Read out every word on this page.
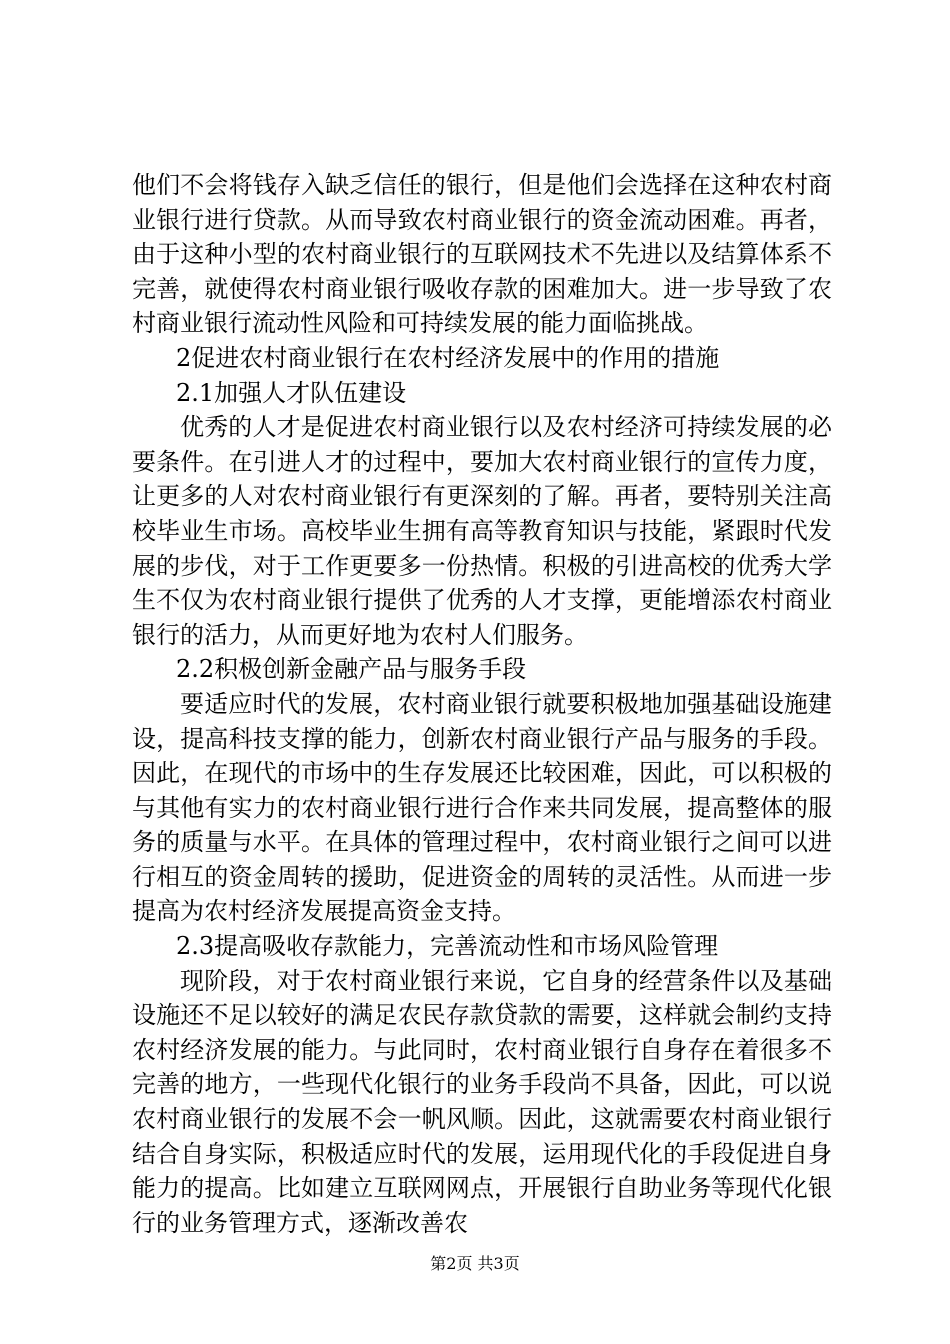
他们不会将钱存入缺乏信任的银行，但是他们会选择在这种农村商业银行进行贷款。从而导致农村商业银行的资金流动困难。再者，由于这种小型的农村商业银行的互联网技术不先进以及结算体系不完善，就使得农村商业银行吸收存款的困难加大。进一步导致了农村商业银行流动性风险和可持续发展的能力面临挑战。

2促进农村商业银行在农村经济发展中的作用的措施

2.1加强人才队伍建设

优秀的人才是促进农村商业银行以及农村经济可持续发展的必要条件。在引进人才的过程中，要加大农村商业银行的宣传力度，让更多的人对农村商业银行有更深刻的了解。再者，要特别关注高校毕业生市场。高校毕业生拥有高等教育知识与技能，紧跟时代发展的步伐，对于工作更要多一份热情。积极的引进高校的优秀大学生不仅为农村商业银行提供了优秀的人才支撑，更能增添农村商业银行的活力，从而更好地为农村人们服务。

2.2积极创新金融产品与服务手段

要适应时代的发展，农村商业银行就要积极地加强基础设施建设，提高科技支撑的能力，创新农村商业银行产品与服务的手段。因此，在现代的市场中的生存发展还比较困难，因此，可以积极的与其他有实力的农村商业银行进行合作来共同发展，提高整体的服务的质量与水平。在具体的管理过程中，农村商业银行之间可以进行相互的资金周转的援助，促进资金的周转的灵活性。从而进一步提高为农村经济发展提高资金支持。

2.3提高吸收存款能力，完善流动性和市场风险管理

现阶段，对于农村商业银行来说，它自身的经营条件以及基础设施还不足以较好的满足农民存款贷款的需要，这样就会制约支持农村经济发展的能力。与此同时，农村商业银行自身存在着很多不完善的地方，一些现代化银行的业务手段尚不具备，因此，可以说农村商业银行的发展不会一帆风顺。因此，这就需要农村商业银行结合自身实际，积极适应时代的发展，运用现代化的手段促进自身能力的提高。比如建立互联网网点，开展银行自助业务等现代化银行的业务管理方式，逐渐改善农

第2页 共3页
